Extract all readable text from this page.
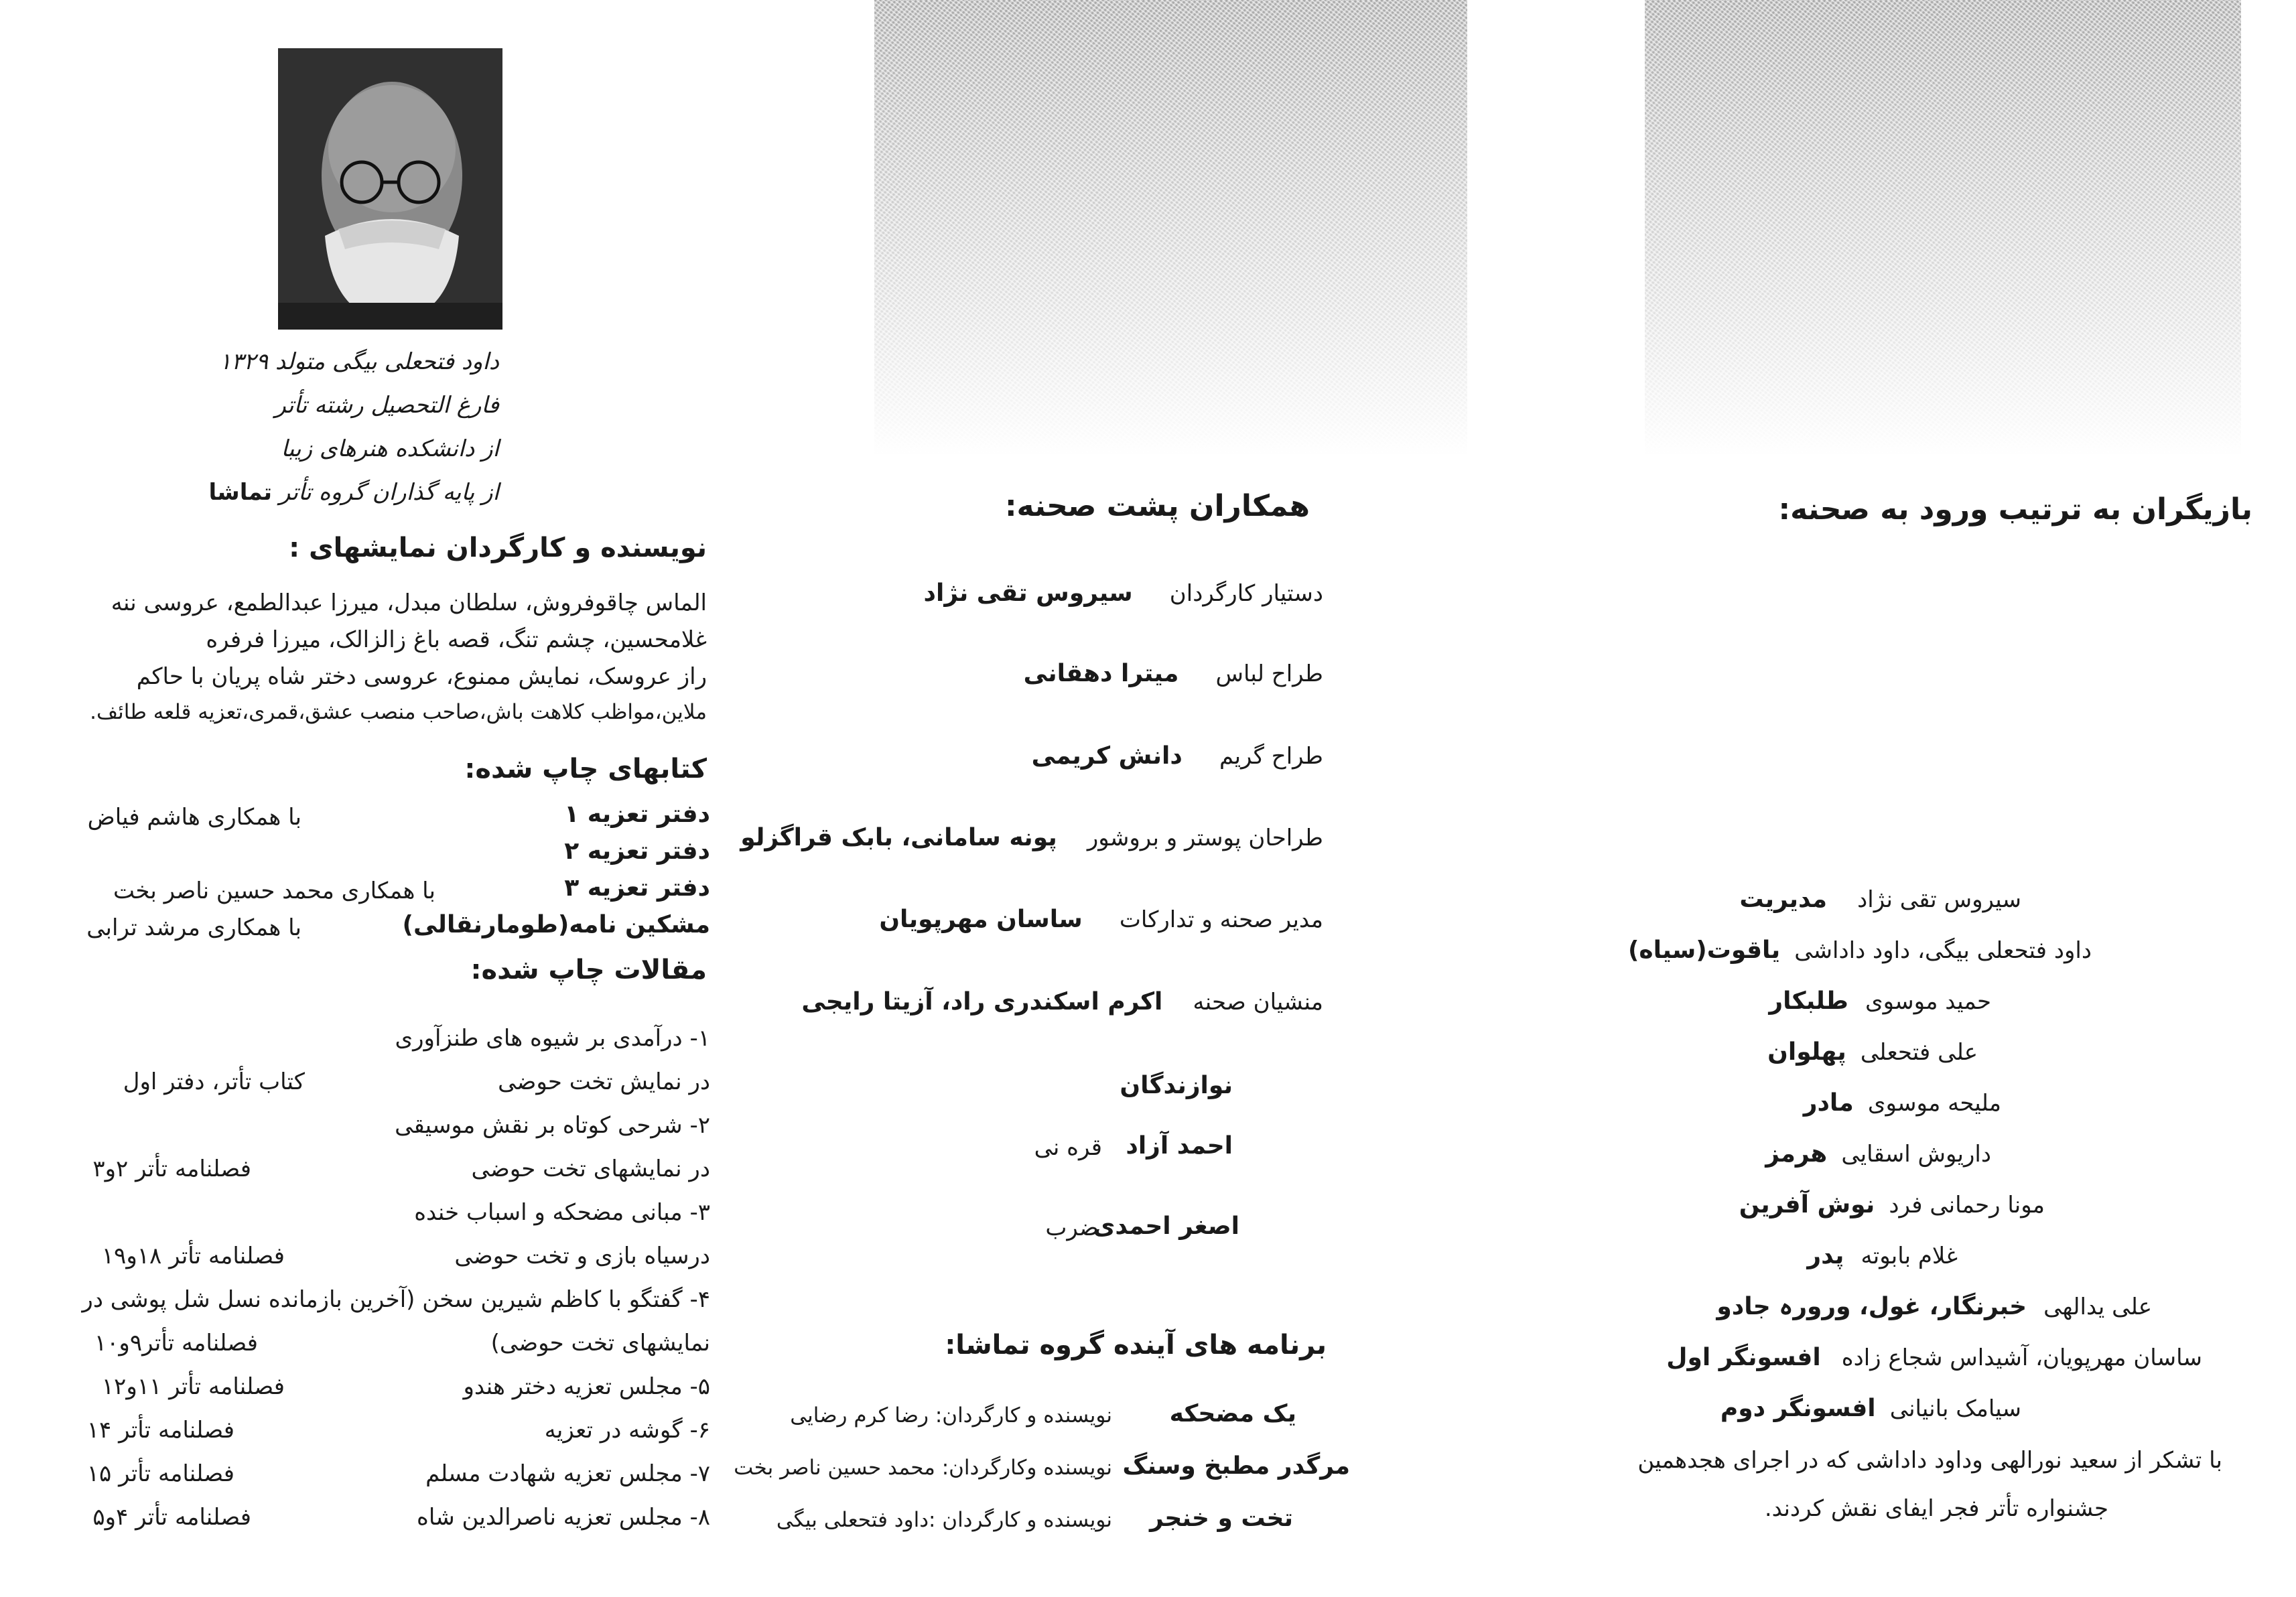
داود فتحعلی بیگی متولد ۱۳۲۹
فارغ التحصیل رشته تأتر
از دانشکده هنرهای زیبا
از پایه گذاران گروه تأتر تماشا
نویسنده و کارگردان نمایشهای :
الماس چاقوفروش، سلطان مبدل، میرزا عبدالطمع، عروسی ننه
غلامحسین، چشم تنگ، قصه باغ زالزالک، میرزا فرفره
راز عروسک، نمایش ممنوع، عروسی دختر شاه پریان با حاکم
ملاین،مواظب کلاهت باش،صاحب منصب عشق،قمری،تعزیه قلعه طائف.
کتابهای چاپ شده:
دفتر تعزیه ۱
با همکاری هاشم فیاض
دفتر تعزیه ۲
دفتر تعزیه ۳
با همکاری محمد حسین ناصر بخت
مشکین نامه(طومارنقالی)
با همکاری مرشد ترابی
مقالات چاپ شده:
۱- درآمدی بر شیوه های طنزآوری
در نمایش تخت حوضی
کتاب تأتر، دفتر اول
۲- شرحی کوتاه بر نقش موسیقی
در نمایشهای تخت حوضی
فصلنامه تأتر ۲و۳
۳- مبانی مضحکه و اسباب خنده
درسیاه بازی و تخت حوضی
فصلنامه تأتر ۱۸و۱۹
۴- گفتگو با کاظم شیرین سخن (آخرین بازمانده نسل شل پوشی در
نمایشهای تخت حوضی)
فصلنامه تأتر۹و۱۰
۵- مجلس تعزیه دختر هندو
فصلنامه تأتر ۱۱و۱۲
۶- گوشه در تعزیه
فصلنامه تأتر ۱۴
۷- مجلس تعزیه شهادت مسلم
فصلنامه تأتر ۱۵
۸- مجلس تعزیه ناصرالدین شاه
فصلنامه تأتر ۴و۵
همکاران پشت صحنه:
دستیار کارگردان سیروس تقی نژاد
طراح لباس میترا دهقانی
طراح گریم دانش کریمی
طراحان پوستر و بروشور پونه سامانی، بابک قراگزلو
مدیر صحنه و تدارکات ساسان مهرپویان
منشیان صحنه اکرم اسکندری راد، آزیتا رایجی
نوازندگان
احمد آزاد
قره نی
اصغر احمدی
ضرب
برنامه های آینده گروه تماشا:
یک مضحکه
نویسنده و کارگردان: رضا کرم رضایی
مرگدر مطبخ وسنگ
نویسنده وکارگردان: محمد حسین ناصر بخت
تخت و خنجر
نویسنده و کارگردان :داود فتحعلی بیگی
بازیگران به ترتیب ورود به صحنه:
سیروس تقی نژاد مدیریت
داود فتحعلی بیگی، داود داداشی یاقوت(سیاه)
حمید موسوی طلبکار
علی فتحعلی پهلوان
ملیحه موسوی مادر
داریوش اسقایی هرمز
مونا رحمانی فرد نوش آفرین
غلام بابوته پدر
علی یدالهی خبرنگار، غول، ورورہ جادو
ساسان مهرپویان، آشیداس شجاع زاده افسونگر اول
سیامک بانیانی افسونگر دوم
با تشکر از سعید نورالهی وداود داداشی که در اجرای هجدهمین
جشنواره تأتر فجر ایفای نقش کردند.
